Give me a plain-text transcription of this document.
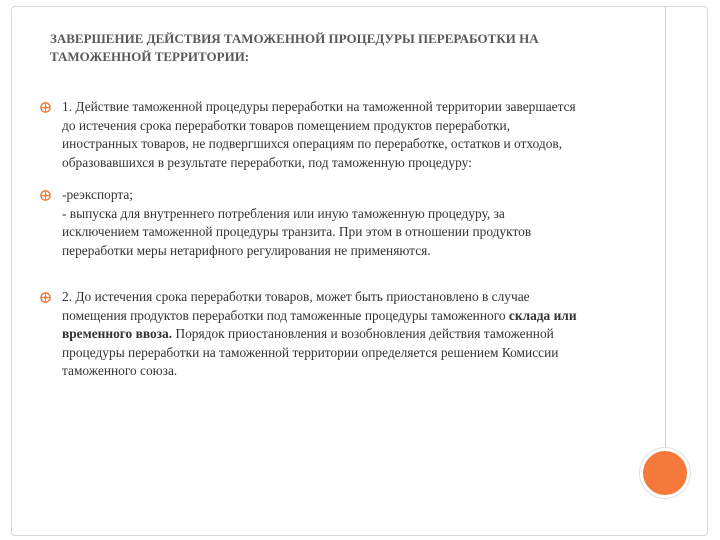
ЗАВЕРШЕНИЕ ДЕЙСТВИЯ ТАМОЖЕННОЙ ПРОЦЕДУРЫ ПЕРЕРАБОТКИ НА
ТАМОЖЕННОЙ ТЕРРИТОРИИ:
1. Действие таможенной процедуры переработки на таможенной территории завершается
до истечения срока переработки товаров помещением продуктов переработки,
иностранных товаров, не подвергшихся операциям по переработке, остатков и отходов,
образовавшихся в результате переработки, под таможенную процедуру:
-реэкспорта;
- выпуска для внутреннего потребления или иную таможенную процедуру, за
исключением таможенной процедуры транзита. При этом в отношении продуктов
переработки меры нетарифного регулирования не применяются.
2. До истечения срока переработки товаров, может быть приостановлено в случае
помещения продуктов переработки под таможенные процедуры таможенного склада или
временного ввоза. Порядок приостановления и возобновления действия таможенной
процедуры переработки на таможенной территории определяется решением Комиссии
таможенного союза.
